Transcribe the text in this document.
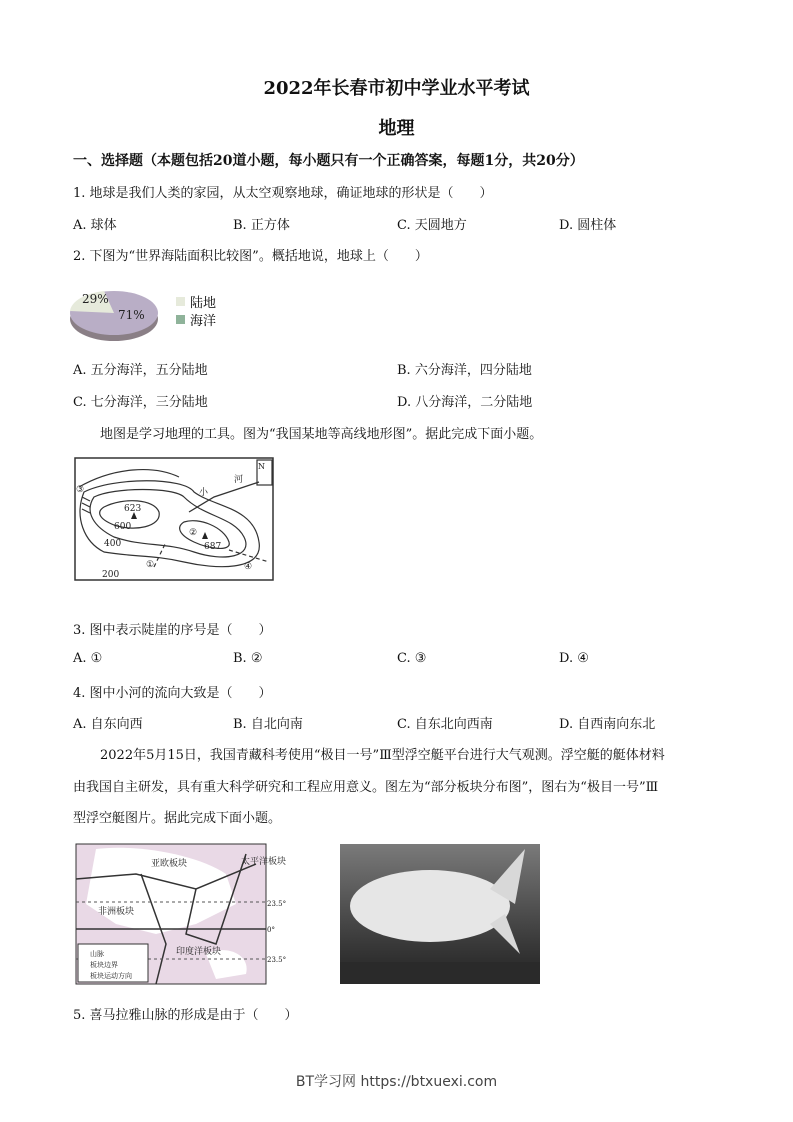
2022年长春市初中学业水平考试
地理
一、选择题（本题包括20道小题，每小题只有一个正确答案，每题1分，共20分）
1. 地球是我们人类的家园，从太空观察地球，确证地球的形状是（　　）
A. 球体	B. 正方体	C. 天圆地方	D. 圆柱体
2. 下图为“世界海陆面积比较图”。概括地说，地球上（　　）
29%
71%
陆地
海洋
A. 五分海洋，五分陆地	B. 六分海洋，四分陆地
C. 七分海洋，三分陆地	D. 八分海洋，二分陆地
地图是学习地理的工具。图为“我国某地等高线地形图”。据此完成下面小题。
N
623
600
400
200
687
①
②
③
④
小
河
3. 图中表示陡崖的序号是（　　）
A. ①	B. ②	C. ③	D. ④
4. 图中小河的流向大致是（　　）
A. 自东向西	B. 自北向南	C. 自东北向西南	D. 自西南向东北
2022年5月15日，我国青藏科考使用“极目一号”Ⅲ型浮空艇平台进行大气观测。浮空艇的艇体材料
由我国自主研发，具有重大科学研究和工程应用意义。图左为“部分板块分布图”，图右为“极目一号”Ⅲ
型浮空艇图片。据此完成下面小题。
亚欧板块	太平洋板块
非洲板块
印度洋板块
23.5°
0°
23.5°
山脉
板块边界
板块运动方向
5. 喜马拉雅山脉的形成是由于（　　）
BT学习网 https://btxuexi.com
